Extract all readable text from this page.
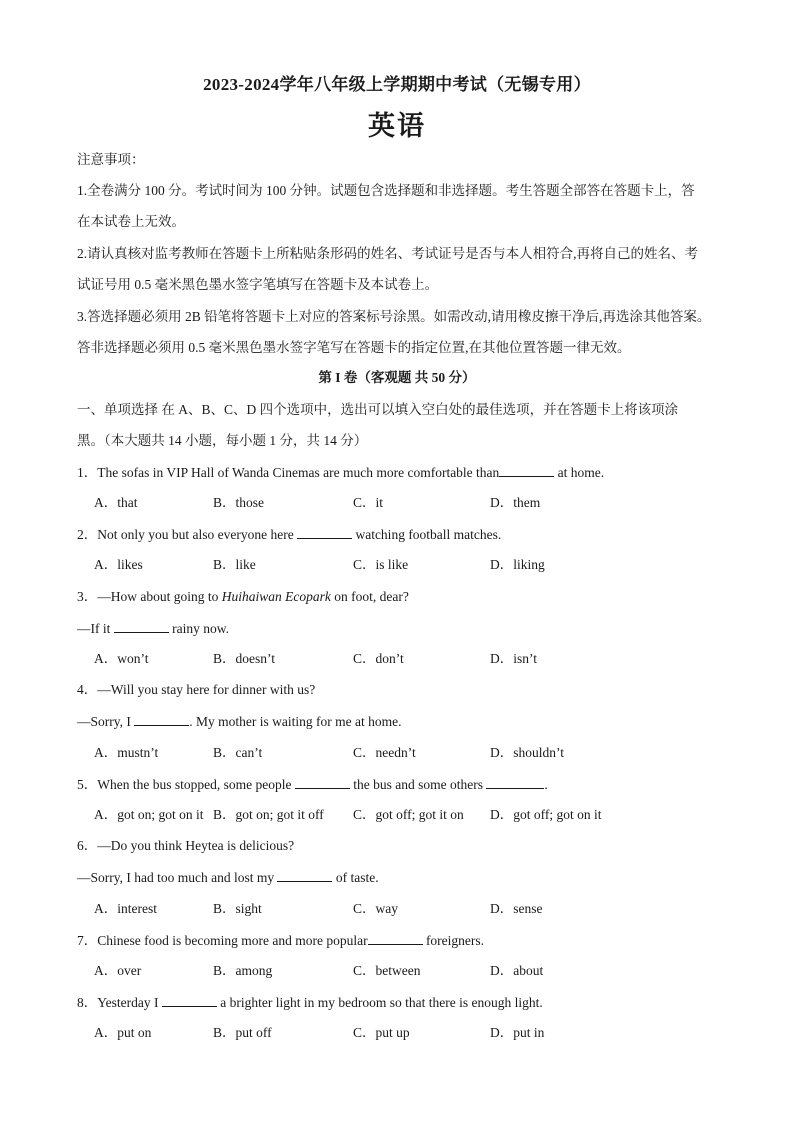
2023-2024学年八年级上学期期中考试（无锡专用）
英语
注意事项：
1.全卷满分 100 分。考试时间为 100 分钟。试题包含选择题和非选择题。考生答题全部答在答题卡上，答
在本试卷上无效。
2.请认真核对监考教师在答题卡上所粘贴条形码的姓名、考试证号是否与本人相符合,再将自己的姓名、考
试证号用 0.5 毫米黑色墨水签字笔填写在答题卡及本试卷上。
3.答选择题必须用 2B 铅笔将答题卡上对应的答案标号涂黑。如需改动,请用橡皮擦干净后,再选涂其他答案。
答非选择题必须用 0.5 毫米黑色墨水签字笔写在答题卡的指定位置,在其他位置答题一律无效。
第 I 卷（客观题 共 50 分）
一、单项选择 在 A、B、C、D 四个选项中，选出可以填入空白处的最佳选项，并在答题卡上将该项涂
黑。（本大题共 14 小题，每小题 1 分，共 14 分）
1．The sofas in VIP Hall of Wanda Cinemas are much more comfortable than	at home.
A．that	B．those	C．it	D．them
2．Not only you but also everyone here	watching football matches.
A．likes	B．like	C．is like	D．liking
3．—How about going to Huihaiwan Ecopark on foot, dear?
—If it	rainy now.
A．won’t	B．doesn’t	C．don’t	D．isn’t
4．—Will you stay here for dinner with us?
—Sorry, I	. My mother is waiting for me at home.
A．mustn’t	B．can’t	C．needn’t	D．shouldn’t
5．When the bus stopped, some people	the bus and some others	.
A．got on; got on it B．got on; got it off C．got off; got it on D．got off; got on it
6．—Do you think Heytea is delicious?
—Sorry, I had too much and lost my	of taste.
A．interest	B．sight	C．way	D．sense
7．Chinese food is becoming more and more popular	foreigners.
A．over	B．among	C．between	D．about
8．Yesterday I	a brighter light in my bedroom so that there is enough light.
A．put on	B．put off	C．put up	D．put in
